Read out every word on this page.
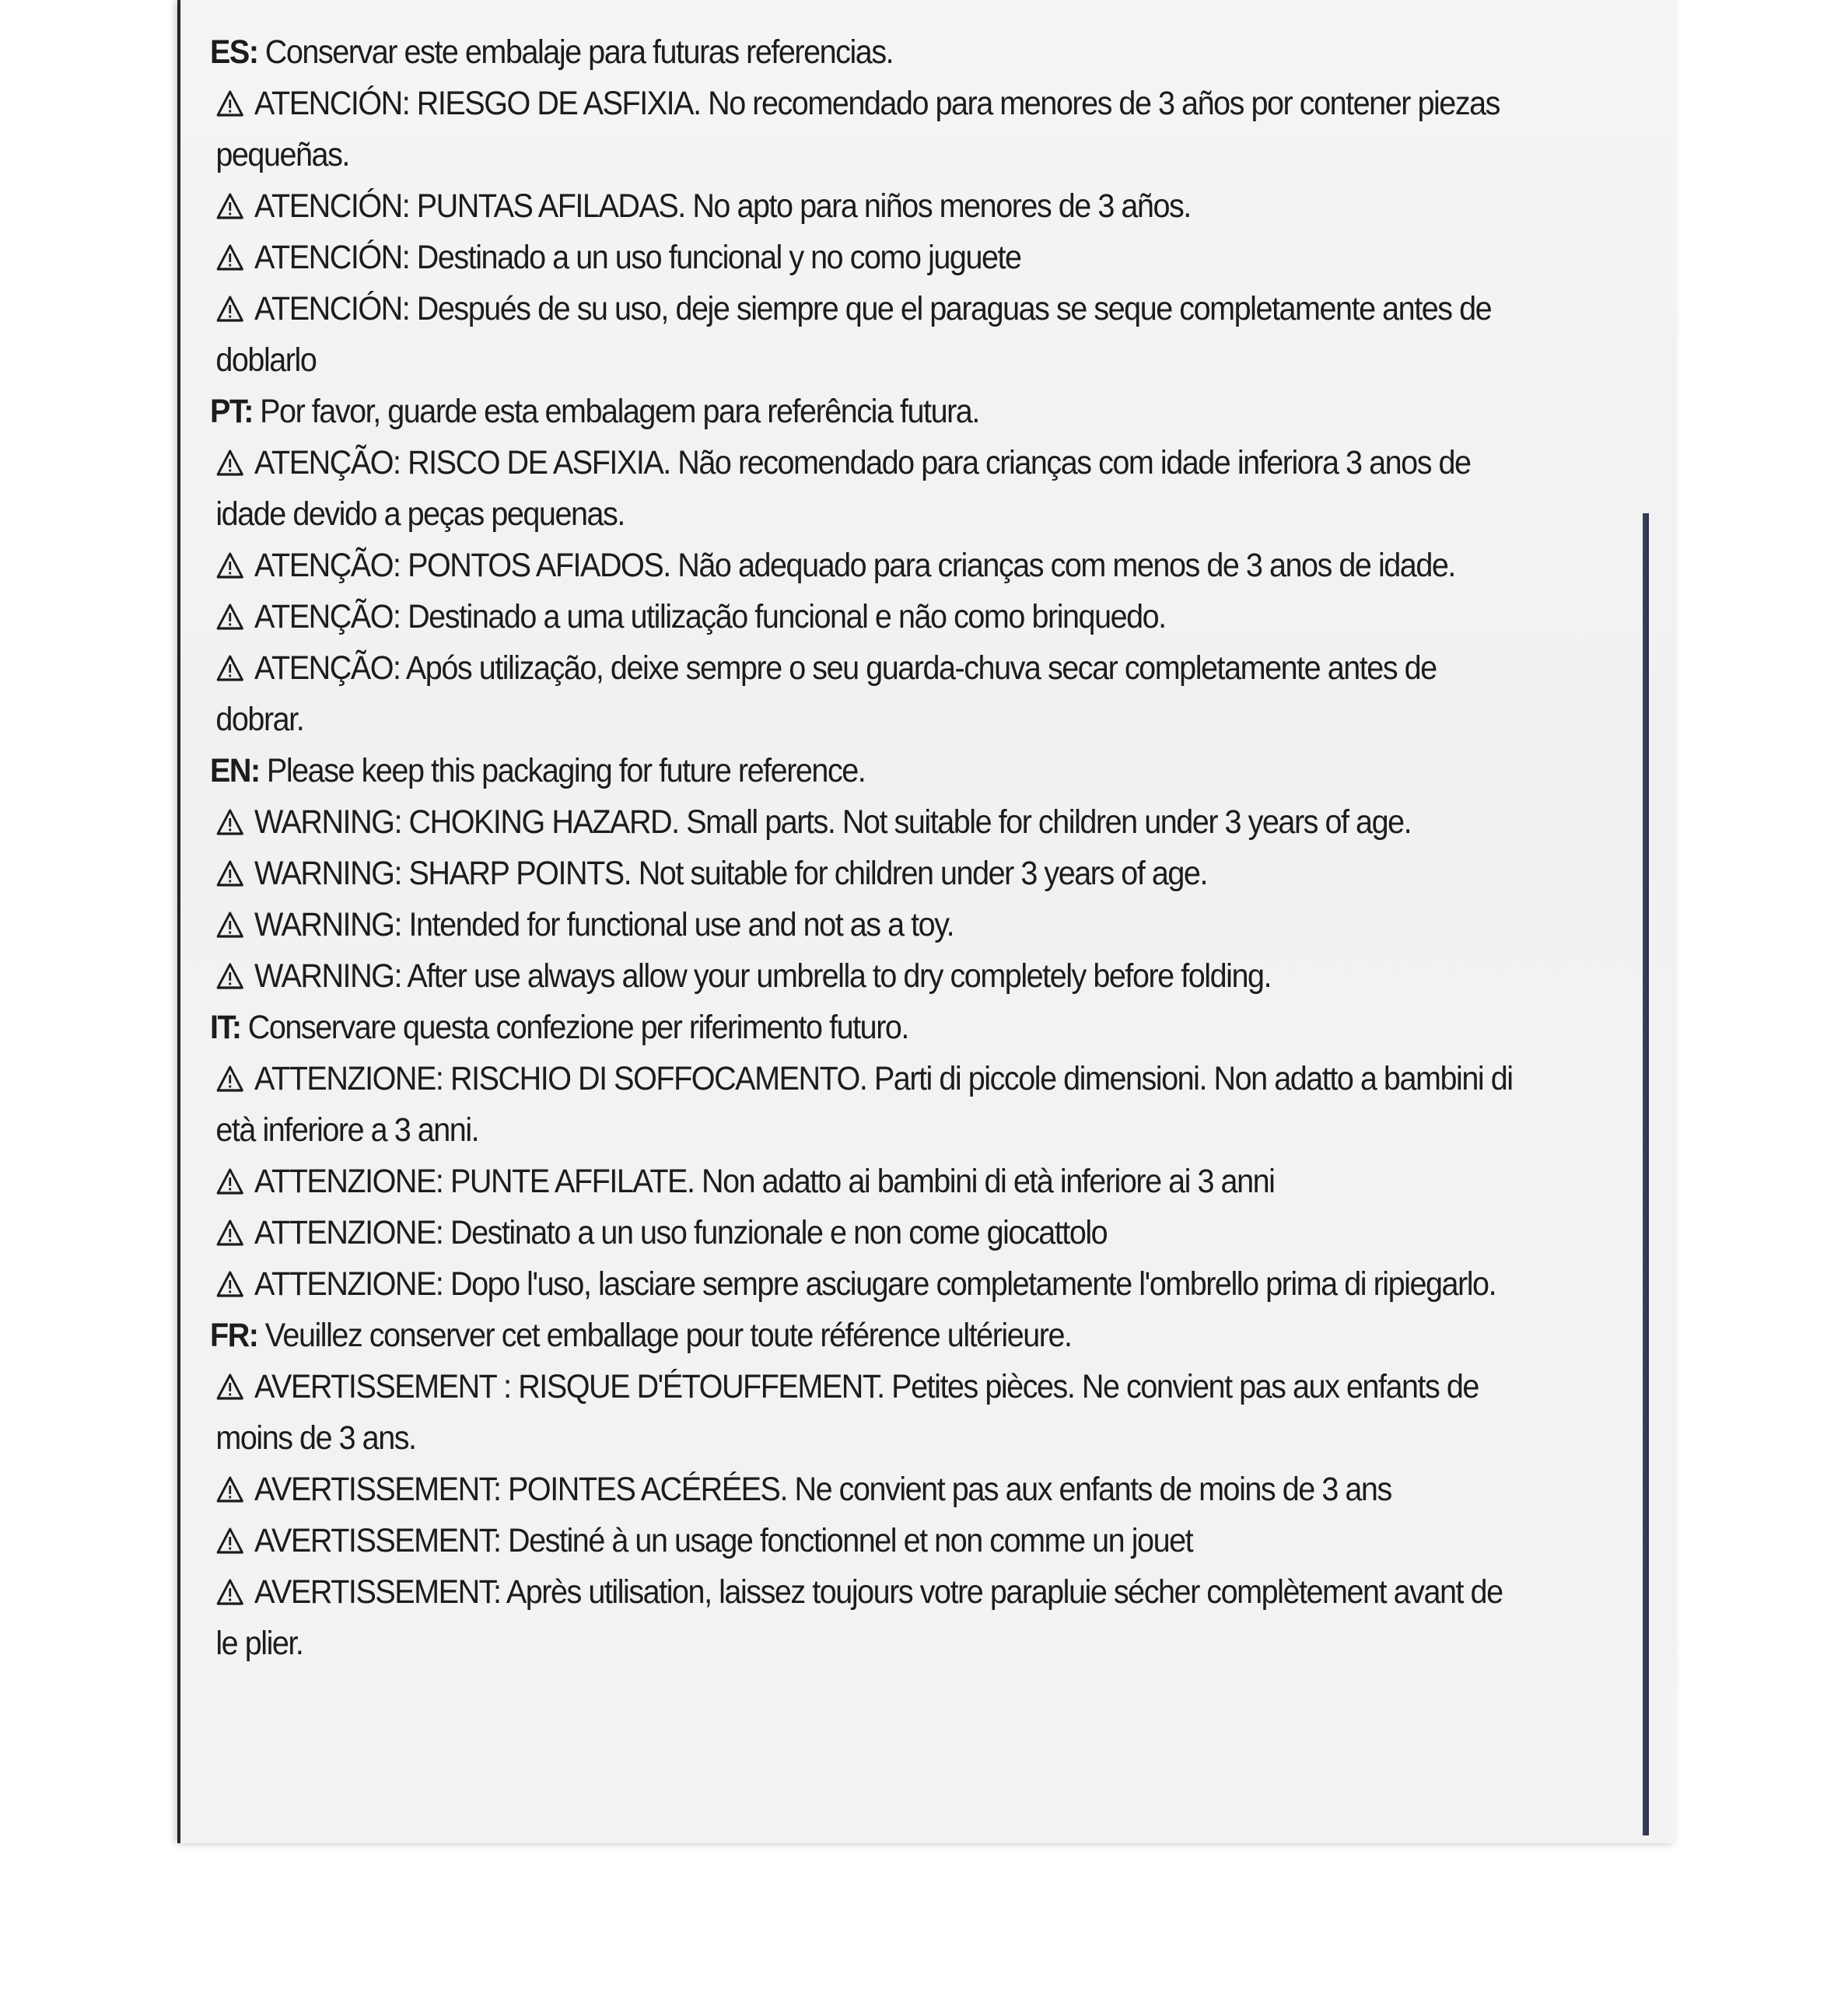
ES: Conservar este embalaje para futuras referencias.

ATENCIÓN: RIESGO DE ASFIXIA. No recomendado para menores de 3 años por contener piezas pequeñas.

ATENCIÓN: PUNTAS AFILADAS. No apto para niños menores de 3 años.

ATENCIÓN: Destinado a un uso funcional y no como juguete

ATENCIÓN: Después de su uso, deje siempre que el paraguas se seque completamente antes de doblarlo

PT: Por favor, guarde esta embalagem para referência futura.

ATENÇÃO: RISCO DE ASFIXIA. Não recomendado para crianças com idade inferiora 3 anos de idade devido a peças pequenas.

ATENÇÃO: PONTOS AFIADOS. Não adequado para crianças com menos de 3 anos de idade.

ATENÇÃO: Destinado a uma utilização funcional e não como brinquedo.

ATENÇÃO: Após utilização, deixe sempre o seu guarda-chuva secar completamente antes de dobrar.

EN: Please keep this packaging for future reference.

WARNING: CHOKING HAZARD. Small parts. Not suitable for children under 3 years of age.

WARNING: SHARP POINTS. Not suitable for children under 3 years of age.

WARNING: Intended for functional use and not as a toy.

WARNING: After use always allow your umbrella to dry completely before folding.

IT: Conservare questa confezione per riferimento futuro.

ATTENZIONE: RISCHIO DI SOFFOCAMENTO. Parti di piccole dimensioni. Non adatto a bambini di età inferiore a 3 anni.

ATTENZIONE: PUNTE AFFILATE. Non adatto ai bambini di età inferiore ai 3 anni

ATTENZIONE: Destinato a un uso funzionale e non come giocattolo

ATTENZIONE: Dopo l'uso, lasciare sempre asciugare completamente l'ombrello prima di ripiegarlo.

FR: Veuillez conserver cet emballage pour toute référence ultérieure.

AVERTISSEMENT : RISQUE D'ÉTOUFFEMENT. Petites pièces. Ne convient pas aux enfants de moins de 3 ans.

AVERTISSEMENT: POINTES ACÉRÉES. Ne convient pas aux enfants de moins de 3 ans

AVERTISSEMENT: Destiné à un usage fonctionnel et non comme un jouet

AVERTISSEMENT: Après utilisation, laissez toujours votre parapluie sécher complètement avant de le plier.
